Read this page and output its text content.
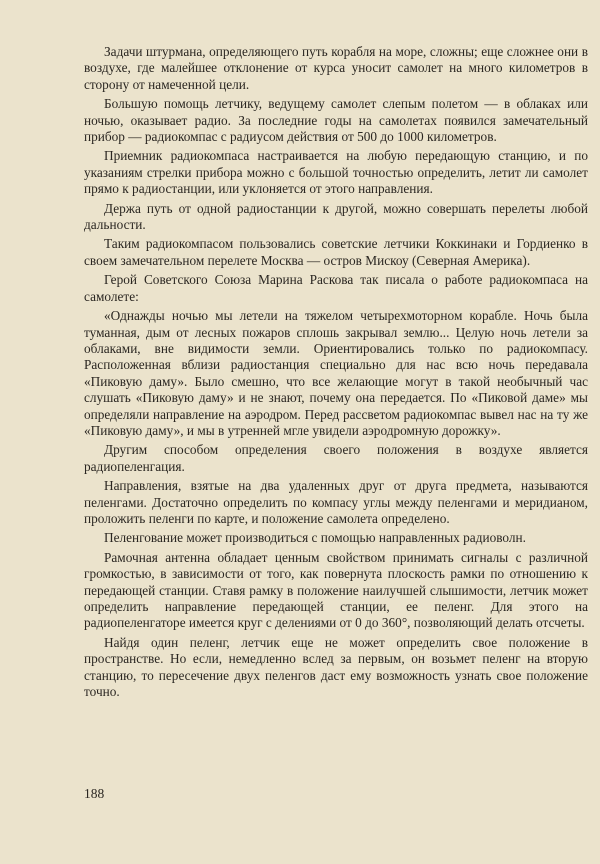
Задачи штурмана, определяющего путь корабля на море, сложны; еще сложнее они в воздухе, где малейшее отклонение от курса уносит самолет на много километров в сторону от намеченной цели.

Большую помощь летчику, ведущему самолет слепым полетом — в облаках или ночью, оказывает радио. За последние годы на самолетах появился замечательный прибор — радиокомпас с радиусом действия от 500 до 1000 километров.

Приемник радиокомпаса настраивается на любую передающую станцию, и по указаниям стрелки прибора можно с большой точностью определить, летит ли самолет прямо к радиостанции, или уклоняется от этого направления.

Держа путь от одной радиостанции к другой, можно совершать перелеты любой дальности.

Таким радиокомпасом пользовались советские летчики Коккинаки и Гордиенко в своем замечательном перелете Москва — остров Мискоу (Северная Америка).

Герой Советского Союза Марина Раскова так писала о работе радиокомпаса на самолете:

«Однажды ночью мы летели на тяжелом четырехмоторном корабле. Ночь была туманная, дым от лесных пожаров сплошь закрывал землю... Целую ночь летели за облаками, вне видимости земли. Ориентировались только по радиокомпасу. Расположенная вблизи радиостанция специально для нас всю ночь передавала «Пиковую даму». Было смешно, что все желающие могут в такой необычный час слушать «Пиковую даму» и не знают, почему она передается. По «Пиковой даме» мы определяли направление на аэродром. Перед рассветом радиокомпас вывел нас на ту же «Пиковую даму», и мы в утренней мгле увидели аэродромную дорожку».

Другим способом определения своего положения в воздухе является радиопеленгация.

Направления, взятые на два удаленных друг от друга предмета, называются пеленгами. Достаточно определить по компасу углы между пеленгами и меридианом, проложить пеленги по карте, и положение самолета определено.

Пеленгование может производиться с помощью направленных радиоволн.

Рамочная антенна обладает ценным свойством принимать сигналы с различной громкостью, в зависимости от того, как повернута плоскость рамки по отношению к передающей станции. Ставя рамку в положение наилучшей слышимости, летчик может определить направление передающей станции, ее пеленг. Для этого на радиопеленгаторе имеется круг с делениями от 0 до 360°, позволяющий делать отсчеты.

Найдя один пеленг, летчик еще не может определить свое положение в пространстве. Но если, немедленно вслед за первым, он возьмет пеленг на вторую станцию, то пересечение двух пеленгов даст ему возможность узнать свое положение точно.

188
